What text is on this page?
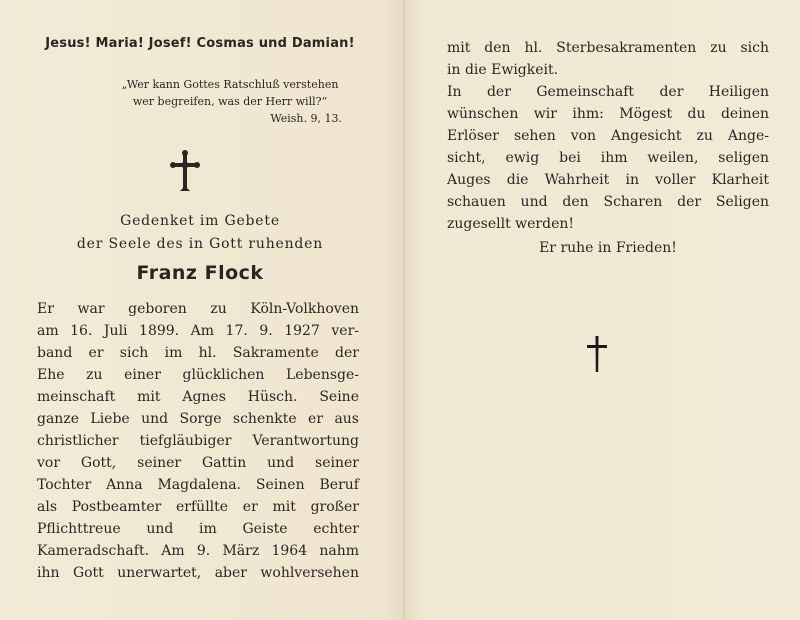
Jesus! Maria! Josef! Cosmas und Damian!
„Wer kann Gottes Ratschluß verstehen
wer begreifen, was der Herr will?“
Weish. 9, 13.
Gedenket im Gebete
der Seele des in Gott ruhenden
Franz Flock
Er war geboren zu Köln-Volkhoven
am 16. Juli 1899. Am 17. 9. 1927 ver-
band er sich im hl. Sakramente der
Ehe zu einer glücklichen Lebensge-
meinschaft mit Agnes Hüsch. Seine
ganze Liebe und Sorge schenkte er aus
christlicher tiefgläubiger Verantwortung
vor Gott, seiner Gattin und seiner
Tochter Anna Magdalena. Seinen Beruf
als Postbeamter erfüllte er mit großer
Pflichttreue und im Geiste echter
Kameradschaft. Am 9. März 1964 nahm
ihn Gott unerwartet, aber wohlversehen
mit den hl. Sterbesakramenten zu sich
in die Ewigkeit.
In der Gemeinschaft der Heiligen
wünschen wir ihm: Mögest du deinen
Erlöser sehen von Angesicht zu Ange-
sicht, ewig bei ihm weilen, seligen
Auges die Wahrheit in voller Klarheit
schauen und den Scharen der Seligen
zugesellt werden!
Er ruhe in Frieden!
